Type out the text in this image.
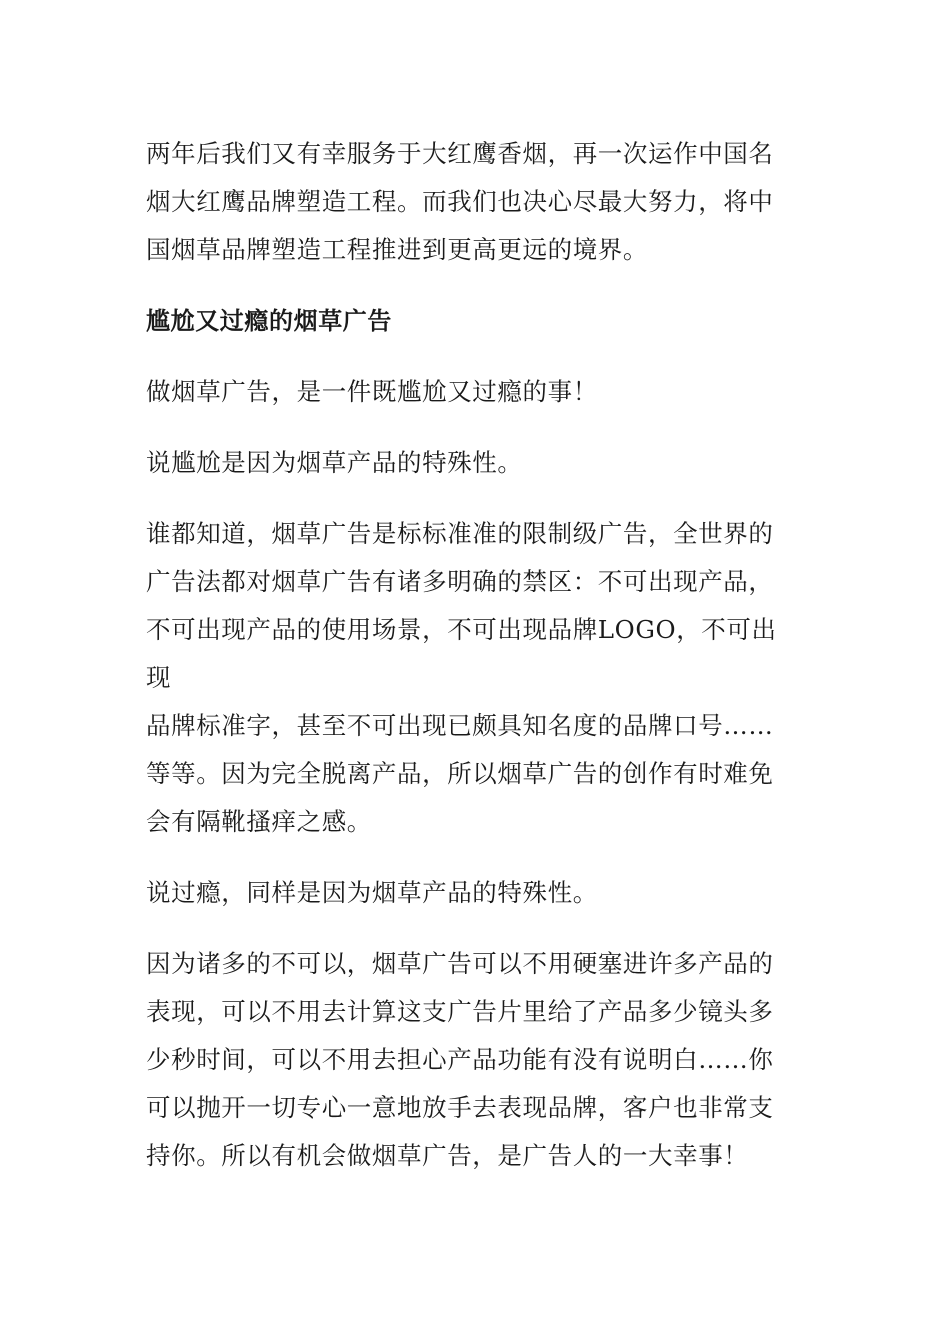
两年后我们又有幸服务于大红鹰香烟，再一次运作中国名
烟大红鹰品牌塑造工程。而我们也决心尽最大努力，将中
国烟草品牌塑造工程推进到更高更远的境界。

尴尬又过瘾的烟草广告

做烟草广告，是一件既尴尬又过瘾的事！

说尴尬是因为烟草产品的特殊性。

谁都知道，烟草广告是标标准准的限制级广告，全世界的
广告法都对烟草广告有诸多明确的禁区：不可出现产品，
不可出现产品的使用场景，不可出现品牌LOGO，不可出现
品牌标准字，甚至不可出现已颇具知名度的品牌口号……
等等。因为完全脱离产品，所以烟草广告的创作有时难免
会有隔靴搔痒之感。

说过瘾，同样是因为烟草产品的特殊性。

因为诸多的不可以，烟草广告可以不用硬塞进许多产品的
表现，可以不用去计算这支广告片里给了产品多少镜头多
少秒时间，可以不用去担心产品功能有没有说明白……你
可以抛开一切专心一意地放手去表现品牌，客户也非常支
持你。所以有机会做烟草广告，是广告人的一大幸事！
